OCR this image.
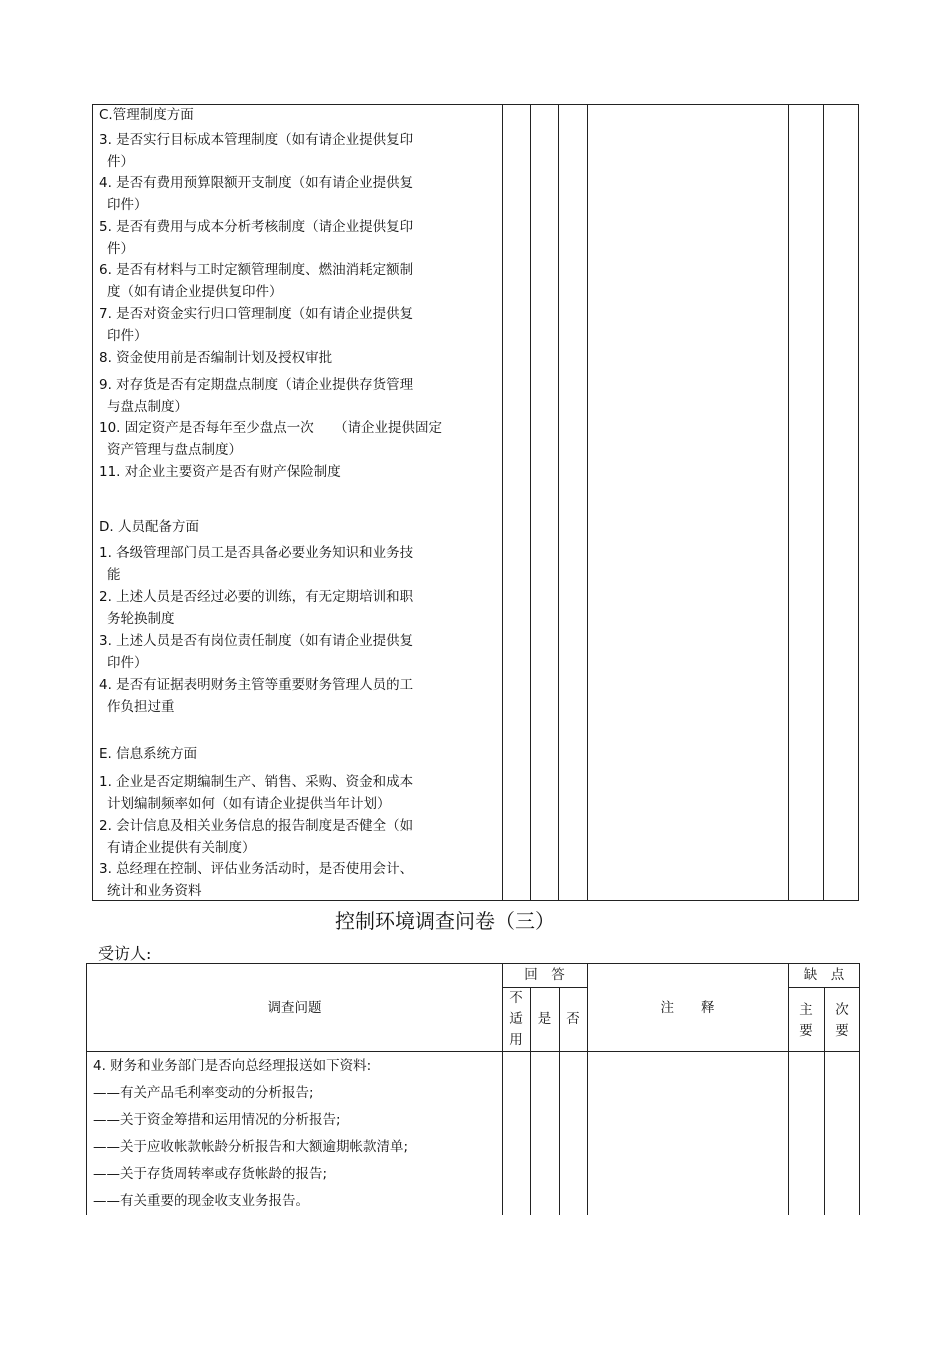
C.管理制度方面
3. 是否实行目标成本管理制度（如有请企业提供复印
件）
4. 是否有费用预算限额开支制度（如有请企业提供复
印件）
5. 是否有费用与成本分析考核制度（请企业提供复印
件）
6. 是否有材料与工时定额管理制度、燃油消耗定额制
度（如有请企业提供复印件）
7. 是否对资金实行归口管理制度（如有请企业提供复
印件）
8. 资金使用前是否编制计划及授权审批
9. 对存货是否有定期盘点制度（请企业提供存货管理
与盘点制度）
10. 固定资产是否每年至少盘点一次　　（请企业提供固定
资产管理与盘点制度）
11. 对企业主要资产是否有财产保险制度
D. 人员配备方面
1. 各级管理部门员工是否具备必要业务知识和业务技
能
2. 上述人员是否经过必要的训练，有无定期培训和职
务轮换制度
3. 上述人员是否有岗位责任制度（如有请企业提供复
印件）
4. 是否有证据表明财务主管等重要财务管理人员的工
作负担过重
E. 信息系统方面
1. 企业是否定期编制生产、销售、采购、资金和成本
计划编制频率如何（如有请企业提供当年计划）
2. 会计信息及相关业务信息的报告制度是否健全（如
有请企业提供有关制度）
3. 总经理在控制、评估业务活动时，是否使用会计、
统计和业务资料
控制环境调查问卷（三）
受访人:
调查问题
回　答
不
适
用
是	否
注　　释
缺　点
主
要
次
要
4. 财务和业务部门是否向总经理报送如下资料:
——有关产品毛利率变动的分析报告;
——关于资金筹措和运用情况的分析报告;
——关于应收帐款帐龄分析报告和大额逾期帐款清单;
——关于存货周转率或存货帐龄的报告;
——有关重要的现金收支业务报告。
